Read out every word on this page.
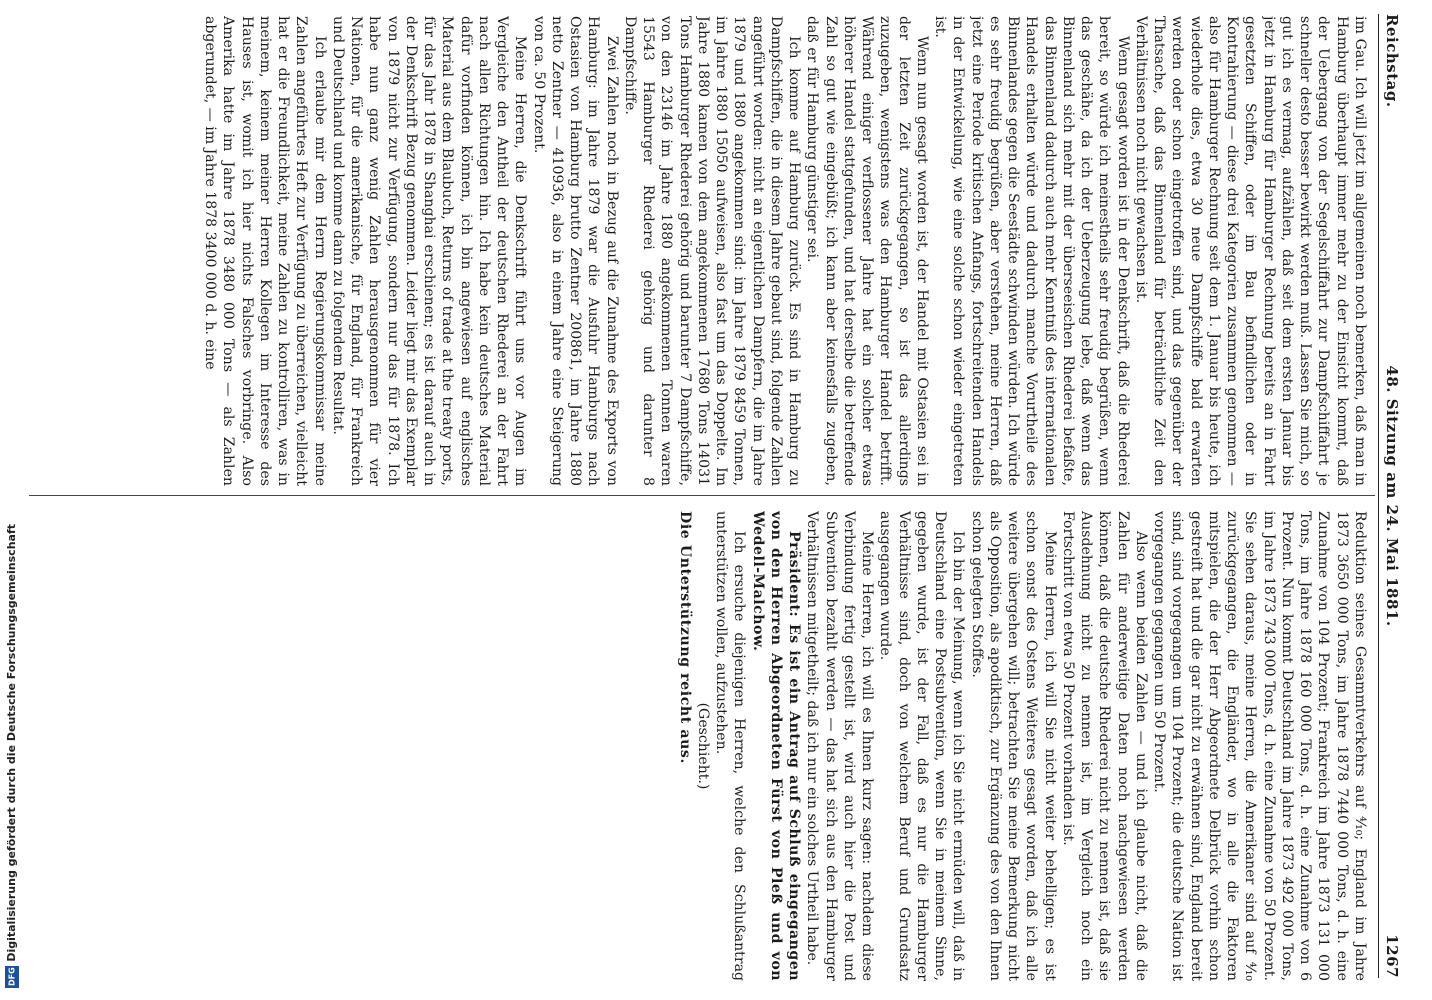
Reichstag.
48. Sitzung am 24. Mai 1881.
1267

im Gau. Ich will jetzt im allgemeinen noch bemerken, daß man in Hamburg überhaupt immer mehr zu der Einsicht kommt, daß der Uebergang von der Segelschiffahrt zur Dampfschiffahrt je schneller desto besser bewirkt werden muß. Lassen Sie mich, so gut ich es vermag, aufzählen, daß seit dem ersten Januar bis jetzt in Hamburg für Hamburger Rechnung bereits an in Fahrt gesetzten Schiffen, oder im Bau befindlichen oder in Kontrahierung — diese drei Kategorien zusammen genommen — also für Hamburger Rechnung seit dem 1. Januar bis heute, ich wiederhole dies, etwa 30 neue Dampfschiffe bald erwarten werden oder schon eingetroffen sind, und das gegenüber der Thatsache, daß das Binnenland für beträchtliche Zeit den Verhältnissen noch nicht gewachsen ist.

Wenn gesagt worden ist in der Denkschrift, daß die Rhederei bereit, so würde ich meinestheils sehr freudig begrüßen, wenn das geschähe, da ich der Ueberzeugung lebe, daß wenn das Binnenland sich mehr mit der überseeischen Rhederei befaßte, das Binnenland dadurch auch mehr Kenntniß des internationalen Handels erhalten würde und dadurch manche Vorurtheile des Binnenlandes gegen die Seestädte schwinden würden. Ich würde es sehr freudig begrüßen, aber verstehen, meine Herren, daß jetzt eine Periode kritischen Anfangs, fortschreitenden Handels in der Entwickelung, wie eine solche schon wieder eingetreten ist.

Wenn nun gesagt worden ist, der Handel mit Ostasien sei in der letzten Zeit zurückgegangen, so ist das allerdings zuzugeben, wenigstens was den Hamburger Handel betrifft. Während einiger verflossener Jahre hat ein solcher etwas höherer Handel stattgefunden, und hat derselbe die betreffende Zahl so gut wie eingebüßt; ich kann aber keinesfalls zugeben, daß er für Hamburg günstiger sei.

Ich komme auf Hamburg zurück. Es sind in Hamburg zu Dampfschiffen, die in diesem Jahre gebaut sind, folgende Zahlen angeführt worden: nicht an eigentlichen Dampfern, die im Jahre 1879 und 1880 angekommen sind: im Jahre 1879 8459 Tonnen, im Jahre 1880 15050 aufweisen, also fast um das Doppelte. Im Jahre 1880 kamen von dem angekommenen 17680 Tons 14031 Tons Hamburger Rhederei gehörig und barunter 7 Dampfschiffe, von den 23146 im Jahre 1880 angekommenen Tonnen waren 15543 Hamburger Rhederei gehörig und darunter 8 Dampfschiffe.

Zwei Zahlen noch in Bezug auf die Zunahme des Exports von Hamburg: im Jahre 1879 war die Ausfuhr Hamburgs nach Ostasien von Hamburg brutto Zentner 200861, im Jahre 1880 netto Zentner — 410936, also in einem Jahre eine Steigerung von ca. 50 Prozent.

Meine Herren, die Denkschrift führt uns vor Augen im Vergleiche den Antheil der deutschen Rhederei an der Fahrt nach allen Richtungen hin. Ich habe kein deutsches Material dafür vorfinden können, ich bin angewiesen auf englisches Material aus dem Blaubuch, Returns of trade at the treaty ports, für das Jahr 1878 in Shanghai erschienen; es ist darauf auch in der Denkschrift Bezug genommen. Leider liegt mir das Exemplar von 1879 nicht zur Verfügung, sondern nur das für 1878. Ich habe nun ganz wenig Zahlen herausgenommen für vier Nationen, für die amerikanische, für England, für Frankreich und Deutschland und komme dann zu folgendem Resultat.

Ich erlaube mir dem Herrn Regierungskommissar meine Zahlen angeführtes Heft zur Verfügung zu überreichen, vielleicht hat er die Freundlichkeit, meine Zahlen zu kontrolliren, was in meinem, keinem meiner Herren Kollegen im Interesse des Hauses ist, womit ich hier nichts Falsches vorbringe. Also Amerika hatte im Jahre 1878 3480 000 Tons — als Zahlen abgerundet, — im Jahre 1878 3400 000 d. h. eine

Reduktion seines Gesammtverkehrs auf ⁴⁄₁₀; England im Jahre 1873 3650 000 Tons, im Jahre 1878 7440 000 Tons, d. h. eine Zunahme von 104 Prozent; Frankreich im Jahre 1873 131 000 Tons, im Jahre 1878 160 000 Tons, d. h. eine Zunahme von 6 Prozent. Nun kommt Deutschland im Jahre 1873 492 000 Tons, im Jahre 1873 743 000 Tons, d. h. eine Zunahme von 50 Prozent. Sie sehen daraus, meine Herren, die Amerikaner sind auf ⁴⁄₁₀ zurückgegangen, die Engländer, wo in alle die Faktoren mitspielen, die der Herr Abgeordnete Delbrück vorhin schon gestreift hat und die gar nicht zu erwähnen sind, England bereit sind, sind vorgegangen um 104 Prozent; die deutsche Nation ist vorgegangen gegangen um 50 Prozent.

Also wenn beiden Zahlen — und ich glaube nicht, daß die Zahlen für anderweitige Daten noch nachgewiesen werden können, daß die deutsche Rhederei nicht zu nennen ist, daß sie Ausdehnung nicht zu nennen ist, im Vergleich noch ein Fortschritt von etwa 50 Prozent vorhanden ist.

Meine Herren, ich will Sie nicht weiter behelligen; es ist schon sonst des Ostens Weiteres gesagt worden, daß ich alle weitere übergehen will; betrachten Sie meine Bemerkung nicht als Opposition, als apodiktisch, zur Ergänzung des von den Ihnen schon gelegten Stoffes.

Ich bin der Meinung, wenn ich Sie nicht ermüden will, daß in Deutschland eine Postsubvention, wenn Sie in meinem Sinne, gegeben wurde, ist der Fall, daß es nur die Hamburger Verhältnisse sind, doch von welchem Beruf und Grundsatz ausgegangen wurde.

Meine Herren, ich will es Ihnen kurz sagen: nachdem diese Verbindung fertig gestellt ist, wird auch hier die Post und Subvention bezahlt werden — das hat sich aus den Hamburger Verhältnissen mitgetheilt; daß ich nur ein solches Urtheil habe.

Präsident: Es ist ein Antrag auf Schluß eingegangen von den Herren Abgeordneten Fürst von Pleß und von Wedell-Malchow.

Ich ersuche diejenigen Herren, welche den Schlußantrag unterstützen wollen, aufzustehen.

(Geschieht.)

Die Unterstützung reicht aus.

Digitalisierung gefördert durch die Deutsche Forschungsgemeinschaft
DFG
